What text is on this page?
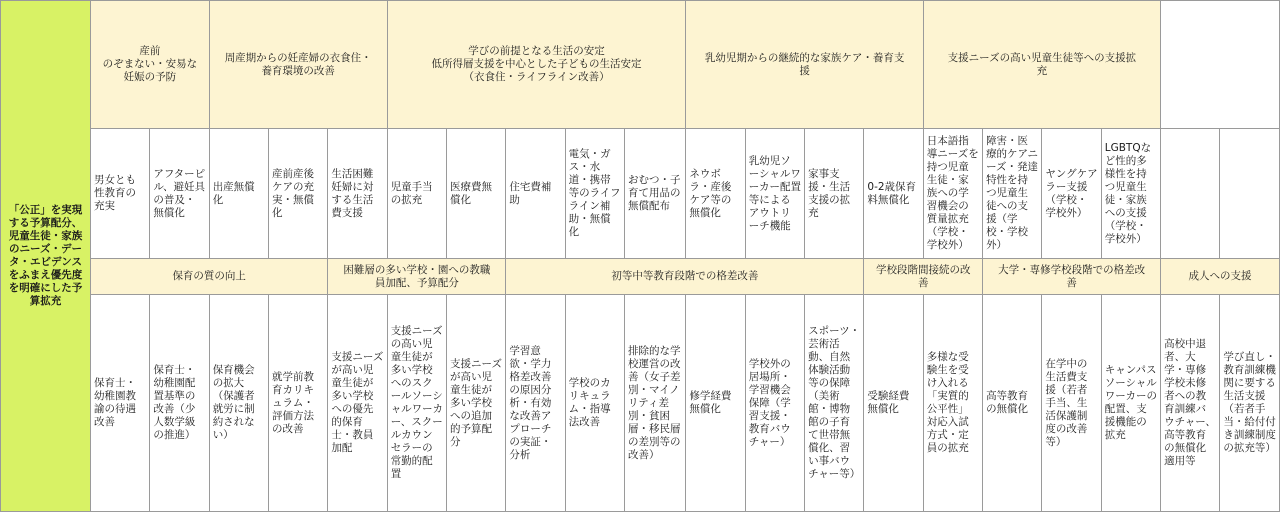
「公正」を実現する予算配分、児童生徒・家族のニーズ・データ・エビデンスをふまえ優先度を明確にした予算拡充	産前
のぞまない・安易な
妊娠の予防		周産期からの妊産婦の衣食住・
養育環境の改善			学びの前提となる生活の安定
低所得層支援を中心とした子どもの生活安定
（衣食住・ライフライン改善）					乳幼児期からの継続的な家族ケア・養育支
援				支援ニーズの高い児童生徒等への支援拡
充					
	男女とも性教育の充実	アフターピル、避妊具の普及・無償化	出産無償化	産前産後ケアの充実・無償化	生活困難妊婦に対する生活費支援	児童手当の拡充	医療費無償化	住宅費補助	電気・ガス・水道・携帯等のライフライン補助・無償化	おむつ・子育て用品の無償配布	ネウボラ・産後ケア等の無償化	乳幼児ソーシャルワーカー配置等によるアウトリーチ機能	家事支援・生活支援の拡充	0-2歳保育料無償化	日本語指導ニーズを持つ児童生徒・家族への学習機会の質量拡充（学校・学校外）	障害・医療的ケアニーズ・発達特性を持つ児童生徒への支援（学校・学校外）	ヤングケアラー支援（学校・学校外）	LGBTQなど性的多様性を持つ児童生徒・家族への支援（学校・学校外）		
	保育の質の向上				困難層の多い学校・園への教職
員加配、予算配分			初等中等教育段階での格差改善						学校段階間接続の改
善		大学・専修学校段階での格差改
善			成人への支援	
	保育士・幼稚園教諭の待遇改善	保育士・幼稚園配置基準の改善（少人数学級の推進）	保育機会の拡大（保護者就労に制約されない）	就学前教育カリキュラム・評価方法の改善	支援ニーズが高い児童生徒が多い学校への優先的保育士・教員加配	支援ニーズの高い児童生徒が多い学校へのスクールソーシャルワーカー、スクールカウンセラーの常勤的配置	支援ニーズが高い児童生徒が多い学校への追加的予算配分	学習意欲・学力格差改善の原因分析・有効な改善アプローチの実証・分析	学校のカリキュラム・指導法改善	排除的な学校運営の改善（女子差別・マイノリティ差別・貧困層・移民層の差別等の改善）	修学経費無償化	学校外の居場所・学習機会保障（学習支援・教育バウチャー）	スポーツ・芸術活動、自然体験活動等の保障（美術館・博物館の子育て世帯無償化、習い事バウチャー等）	受験経費無償化	多様な受験生を受け入れる「実質的公平性」対応入試方式・定員の拡充	高等教育の無償化	在学中の生活費支援（若者手当、生活保護制度の改善等）	キャンパスソーシャルワーカーの配置、支援機能の拡充	高校中退者、大学・専修学校未修者への教育訓練バウチャー、高等教育の無償化適用等	学び直し・教育訓練機関に要する生活支援（若者手当・給付付き訓練制度の拡充等）
